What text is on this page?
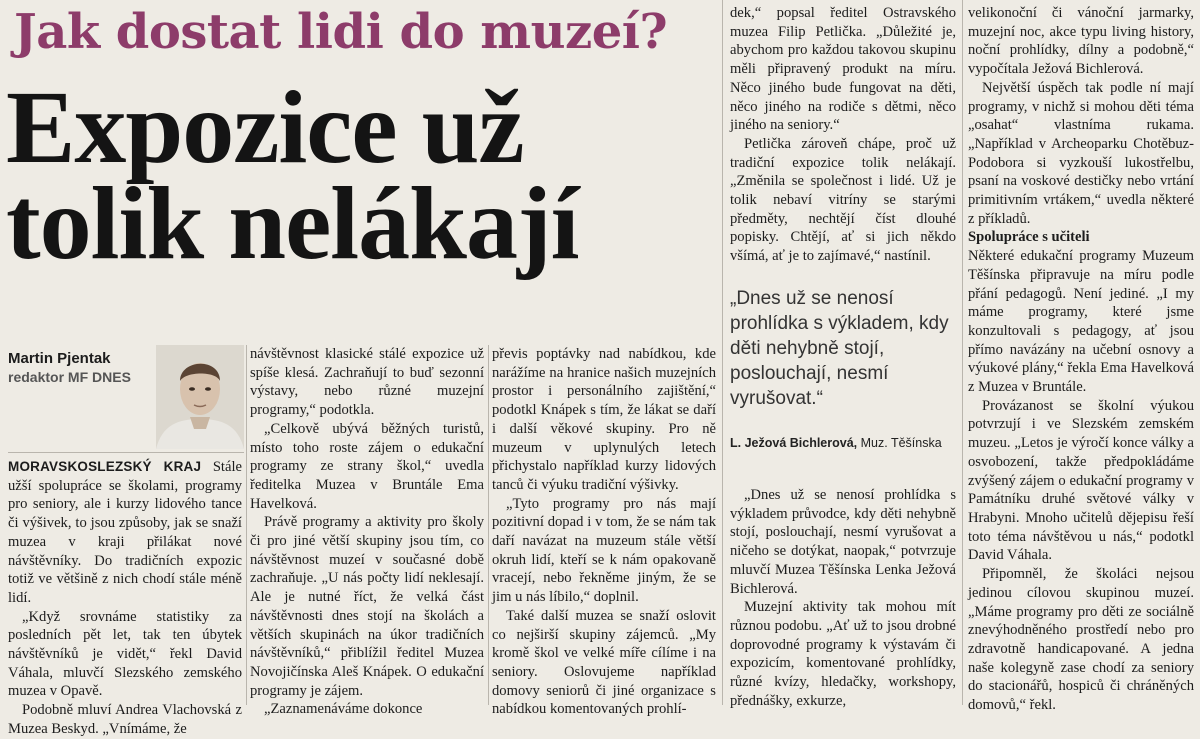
Jak dostat lidi do muzeí?
Expozice už
tolik nelákají
Martin Pjentak
redaktor MF DNES

MORAVSKOSLEZSKÝ KRAJ Stále užší spolupráce se školami, programy pro seniory, ale i kurzy lidového tance či výšivek, to jsou způsoby, jak se snaží muzea v kraji přilákat nové návštěvníky. Do tradičních expozic totiž ve většině z nich chodí stále méně lidí.

„Když srovnáme statistiky za posledních pět let, tak ten úbytek návštěvníků je vidět,“ řekl David Váhala, mluvčí Slezského zemského muzea v Opavě.

Podobně mluví Andrea Vlachovská z Muzea Beskyd. „Vnímáme, že

návštěvnost klasické stálé expozice už spíše klesá. Zachraňují to buď sezonní výstavy, nebo různé muzejní programy,“ podotkla.

„Celkově ubývá běžných turistů, místo toho roste zájem o edukační programy ze strany škol,“ uvedla ředitelka Muzea v Bruntále Ema Havelková.

Právě programy a aktivity pro školy či pro jiné větší skupiny jsou tím, co návštěvnost muzeí v současné době zachraňuje. „U nás počty lidí neklesají. Ale je nutné říct, že velká část návštěvnosti dnes stojí na školách a větších skupinách na úkor tradičních návštěvníků,“ přiblížil ředitel Muzea Novojičínska Aleš Knápek. O edukační programy je zájem.

„Zaznamenáváme dokonce

převis poptávky nad nabídkou, kde narážíme na hranice našich muzejních prostor i personálního zajištění,“ podotkl Knápek s tím, že lákat se daří i další věkové skupiny. Pro ně muzeum v uplynulých letech přichystalo například kurzy lidových tanců či výuku tradiční výšivky.

„Tyto programy pro nás mají pozitivní dopad i v tom, že se nám tak daří navázat na muzeum stále větší okruh lidí, kteří se k nám opakovaně vracejí, nebo řekněme jiným, že se jim u nás líbilo,“ doplnil.

Také další muzea se snaží oslovit co nejširší skupiny zájemců. „My kromě škol ve velké míře cílíme i na seniory. Oslovujeme například domovy seniorů či jiné organizace s nabídkou komentovaných prohlí-

dek,“ popsal ředitel Ostravského muzea Filip Petlička. „Důležité je, abychom pro každou takovou skupinu měli připravený produkt na míru. Něco jiného bude fungovat na děti, něco jiného na rodiče s dětmi, něco jiného na seniory.“

Petlička zároveň chápe, proč už tradiční expozice tolik nelákají. „Změnila se společnost i lidé. Už je tolik nebaví vitríny se starými předměty, nechtějí číst dlouhé popisky. Chtějí, ať si jich někdo všímá, ať je to zajímavé,“ nastínil.

„Dnes už se nenosí prohlídka s výkladem, kdy děti nehybně stojí, poslouchají, nesmí vyrušovat.“
L. Ježová Bichlerová, Muz. Těšínska

„Dnes už se nenosí prohlídka s výkladem průvodce, kdy děti nehybně stojí, poslouchají, nesmí vyrušovat a ničeho se dotýkat, naopak,“ potvrzuje mluvčí Muzea Těšínska Lenka Ježová Bichlerová.

Muzejní aktivity tak mohou mít různou podobu. „Ať už to jsou drobné doprovodné programy k výstavám či expozicím, komentované prohlídky, různé kvízy, hledačky, workshopy, přednášky, exkurze,

velikonoční či vánoční jarmarky, muzejní noc, akce typu living history, noční prohlídky, dílny a podobně,“ vypočítala Ježová Bichlerová.

Největší úspěch tak podle ní mají programy, v nichž si mohou děti téma „osahat“ vlastníma rukama. „Například v Archeoparku Chotěbuz-Podobora si vyzkouší lukostřelbu, psaní na voskové destičky nebo vrtání primitivním vrtákem,“ uvedla některé z příkladů.

Spolupráce s učiteli

Některé edukační programy Muzeum Těšínska připravuje na míru podle přání pedagogů. Není jediné. „I my máme programy, které jsme konzultovali s pedagogy, ať jsou přímo navázány na učební osnovy a výukové plány,“ řekla Ema Havelková z Muzea v Bruntále.

Provázanost se školní výukou potvrzují i ve Slezském zemském muzeu. „Letos je výročí konce války a osvobození, takže předpokládáme zvýšený zájem o edukační programy v Památníku druhé světové války v Hrabyni. Mnoho učitelů dějepisu řeší toto téma návštěvou u nás,“ podotkl David Váhala.

Připomněl, že školáci nejsou jedinou cílovou skupinou muzeí. „Máme programy pro děti ze sociálně znevýhodněného prostředí nebo pro zdravotně handicapované. A jedna naše kolegyně zase chodí za seniory do stacionářů, hospiců či chráněných domovů,“ řekl.
